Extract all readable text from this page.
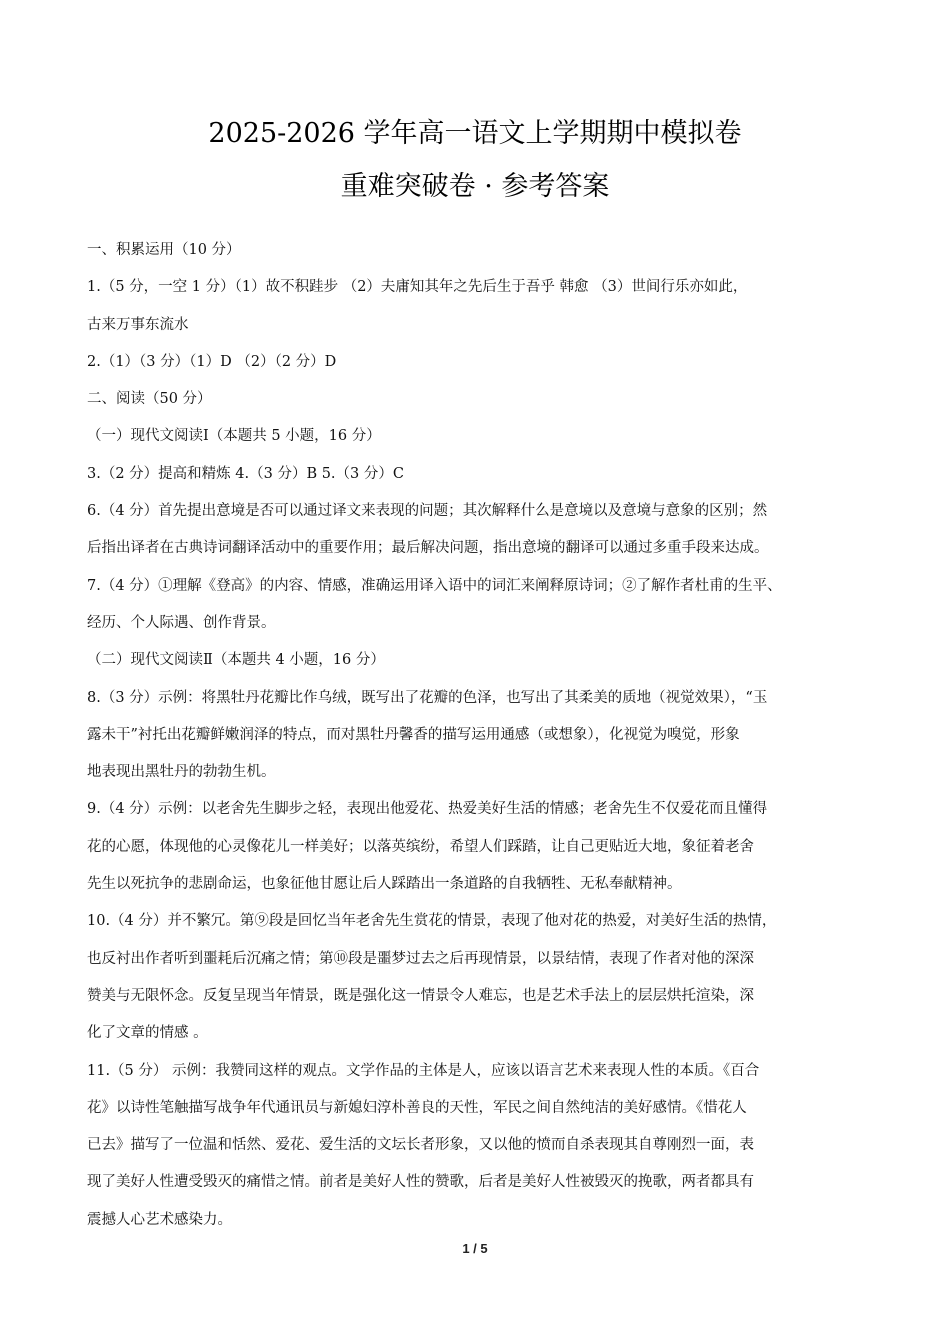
2025-2026 学年高一语文上学期期中模拟卷
重难突破卷 · 参考答案

一、积累运用（10 分）

1.（5 分，一空 1 分）（1）故不积跬步 （2）夫庸知其年之先后生于吾乎 韩愈 （3）世间行乐亦如此，

古来万事东流水

2.（1）（3 分）（1）D （2）（2 分）D

二、阅读（50 分）

（一）现代文阅读Ⅰ（本题共 5 小题，16 分）

3.（2 分）提高和精炼 4.（3 分）B 5.（3 分）C

6.（4 分）首先提出意境是否可以通过译文来表现的问题；其次解释什么是意境以及意境与意象的区别；然

后指出译者在古典诗词翻译活动中的重要作用；最后解决问题，指出意境的翻译可以通过多重手段来达成。

7.（4 分）①理解《登高》的内容、情感，准确运用译入语中的词汇来阐释原诗词；②了解作者杜甫的生平、

经历、个人际遇、创作背景。

（二）现代文阅读Ⅱ（本题共 4 小题，16 分）

8.（3 分）示例：将黑牡丹花瓣比作乌绒，既写出了花瓣的色泽，也写出了其柔美的质地（视觉效果），“玉

露未干”衬托出花瓣鲜嫩润泽的特点，而对黑牡丹馨香的描写运用通感（或想象），化视觉为嗅觉，形象

地表现出黑牡丹的勃勃生机。

9.（4 分）示例：以老舍先生脚步之轻，表现出他爱花、热爱美好生活的情感；老舍先生不仅爱花而且懂得

花的心愿，体现他的心灵像花儿一样美好；以落英缤纷，希望人们踩踏，让自己更贴近大地，象征着老舍

先生以死抗争的悲剧命运，也象征他甘愿让后人踩踏出一条道路的自我牺牲、无私奉献精神。

10.（4 分）并不繁冗。第⑨段是回忆当年老舍先生赏花的情景，表现了他对花的热爱，对美好生活的热情，

也反衬出作者听到噩耗后沉痛之情；第⑩段是噩梦过去之后再现情景，以景结情，表现了作者对他的深深

赞美与无限怀念。反复呈现当年情景，既是强化这一情景令人难忘，也是艺术手法上的层层烘托渲染，深

化了文章的情感 。

11.（5 分） 示例：我赞同这样的观点。文学作品的主体是人，应该以语言艺术来表现人性的本质。《百合

花》以诗性笔触描写战争年代通讯员与新媳妇淳朴善良的天性，军民之间自然纯洁的美好感情。《惜花人

已去》描写了一位温和恬然、爱花、爱生活的文坛长者形象，又以他的愤而自杀表现其自尊刚烈一面，表

现了美好人性遭受毁灭的痛惜之情。前者是美好人性的赞歌，后者是美好人性被毁灭的挽歌，两者都具有

震撼人心艺术感染力。

1 / 5
